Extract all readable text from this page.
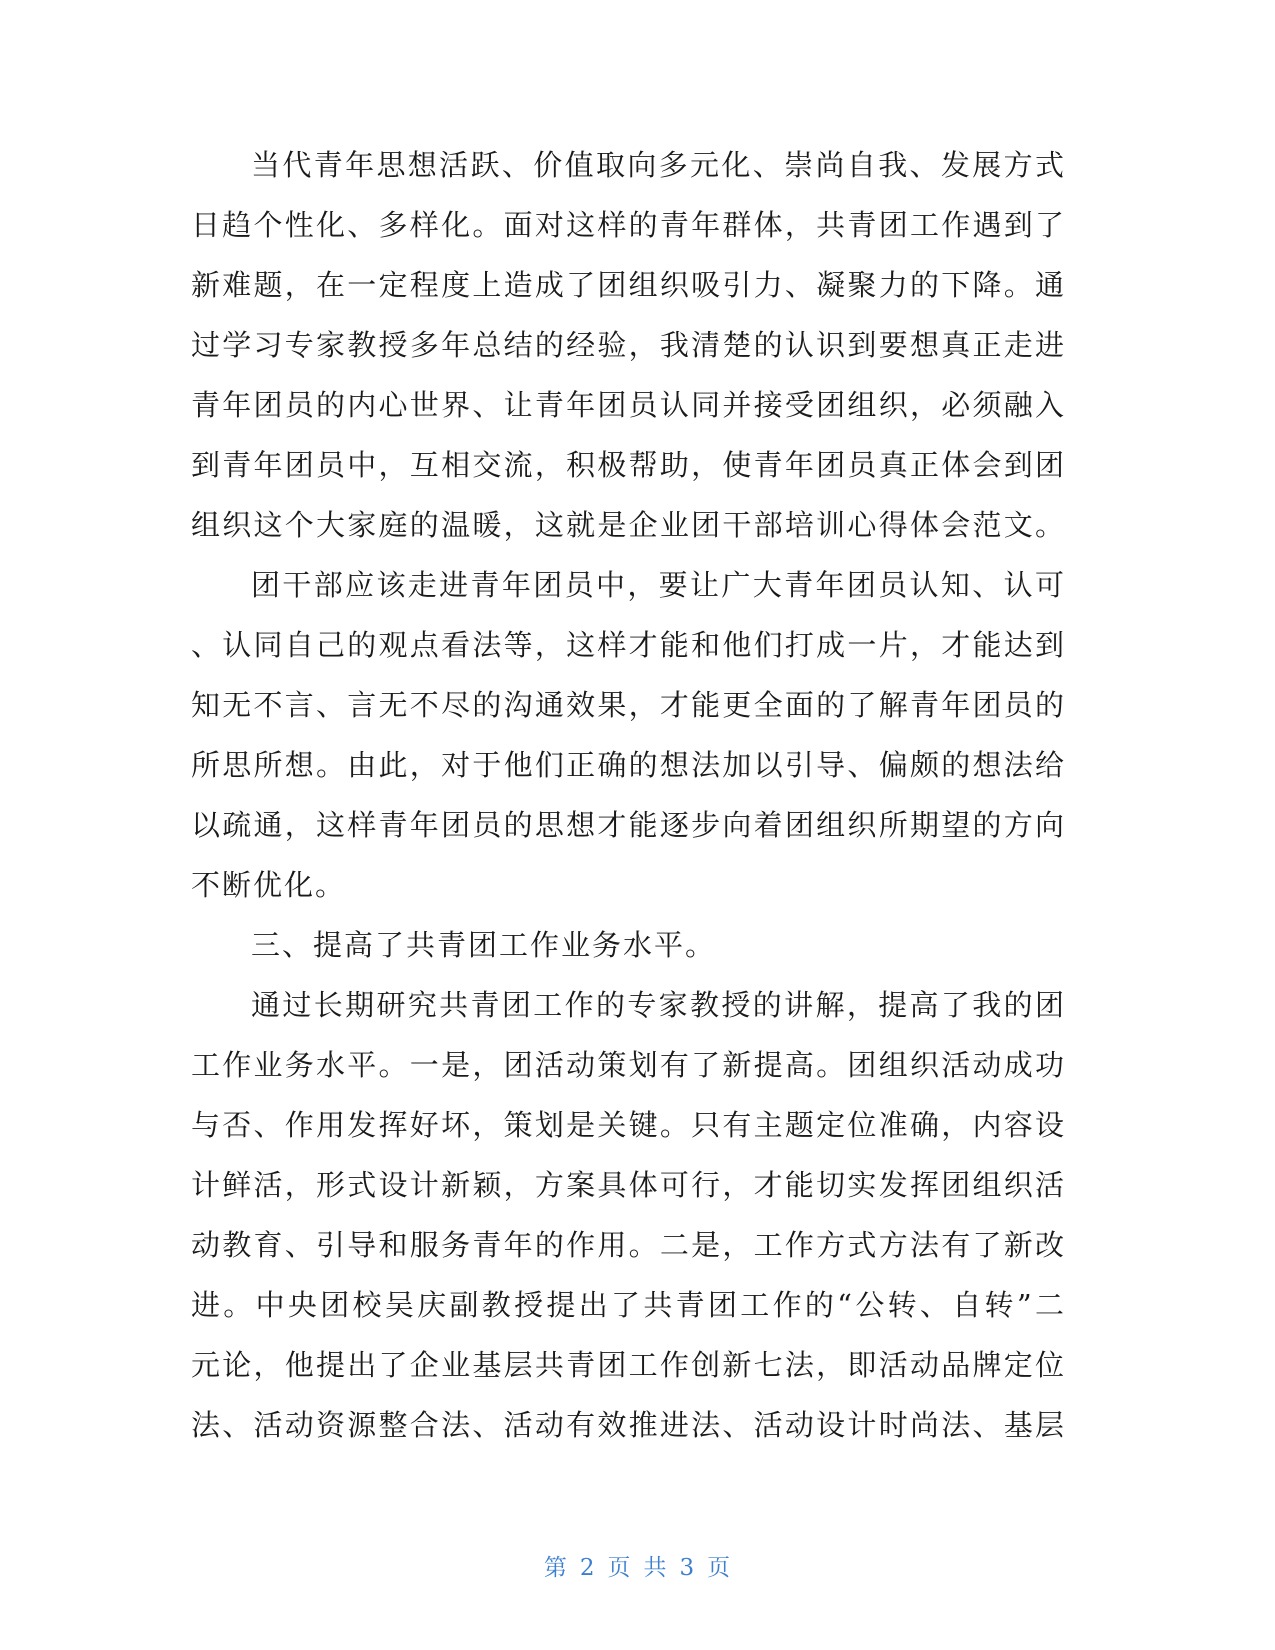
当代青年思想活跃、价值取向多元化、崇尚自我、发展方式
日趋个性化、多样化。面对这样的青年群体，共青团工作遇到了
新难题，在一定程度上造成了团组织吸引力、凝聚力的下降。通
过学习专家教授多年总结的经验，我清楚的认识到要想真正走进
青年团员的内心世界、让青年团员认同并接受团组织，必须融入
到青年团员中，互相交流，积极帮助，使青年团员真正体会到团
组织这个大家庭的温暖，这就是企业团干部培训心得体会范文。
团干部应该走进青年团员中，要让广大青年团员认知、认可
、认同自己的观点看法等，这样才能和他们打成一片，才能达到
知无不言、言无不尽的沟通效果，才能更全面的了解青年团员的
所思所想。由此，对于他们正确的想法加以引导、偏颇的想法给
以疏通，这样青年团员的思想才能逐步向着团组织所期望的方向
不断优化。
三、提高了共青团工作业务水平。
通过长期研究共青团工作的专家教授的讲解，提高了我的团
工作业务水平。一是，团活动策划有了新提高。团组织活动成功
与否、作用发挥好坏，策划是关键。只有主题定位准确，内容设
计鲜活，形式设计新颖，方案具体可行，才能切实发挥团组织活
动教育、引导和服务青年的作用。二是，工作方式方法有了新改
进。中央团校吴庆副教授提出了共青团工作的“公转、自转”二
元论，他提出了企业基层共青团工作创新七法，即活动品牌定位
法、活动资源整合法、活动有效推进法、活动设计时尚法、基层
第 2 页 共 3 页
